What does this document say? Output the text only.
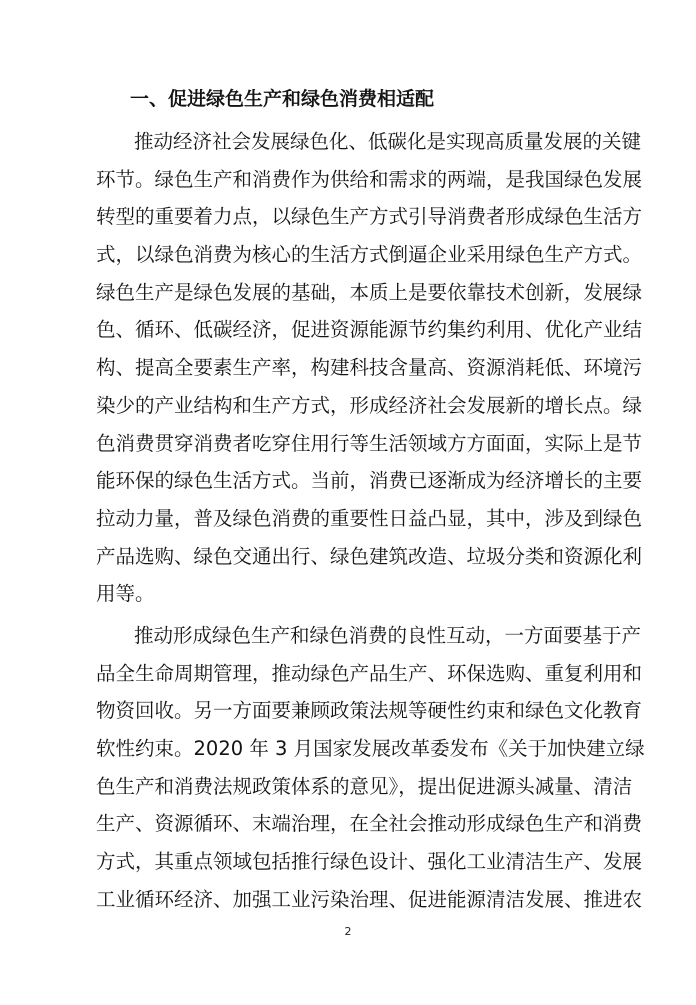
一、促进绿色生产和绿色消费相适配
推动经济社会发展绿色化、低碳化是实现高质量发展的关键
环节。绿色生产和消费作为供给和需求的两端，是我国绿色发展
转型的重要着力点，以绿色生产方式引导消费者形成绿色生活方
式，以绿色消费为核心的生活方式倒逼企业采用绿色生产方式。
绿色生产是绿色发展的基础，本质上是要依靠技术创新，发展绿
色、循环、低碳经济，促进资源能源节约集约利用、优化产业结
构、提高全要素生产率，构建科技含量高、资源消耗低、环境污
染少的产业结构和生产方式，形成经济社会发展新的增长点。绿
色消费贯穿消费者吃穿住用行等生活领域方方面面，实际上是节
能环保的绿色生活方式。当前，消费已逐渐成为经济增长的主要
拉动力量，普及绿色消费的重要性日益凸显，其中，涉及到绿色
产品选购、绿色交通出行、绿色建筑改造、垃圾分类和资源化利
用等。
推动形成绿色生产和绿色消费的良性互动，一方面要基于产
品全生命周期管理，推动绿色产品生产、环保选购、重复利用和
物资回收。另一方面要兼顾政策法规等硬性约束和绿色文化教育
软性约束。2020 年 3 月国家发展改革委发布《关于加快建立绿
色生产和消费法规政策体系的意见》，提出促进源头减量、清洁
生产、资源循环、末端治理，在全社会推动形成绿色生产和消费
方式，其重点领域包括推行绿色设计、强化工业清洁生产、发展
工业循环经济、加强工业污染治理、促进能源清洁发展、推进农
2
